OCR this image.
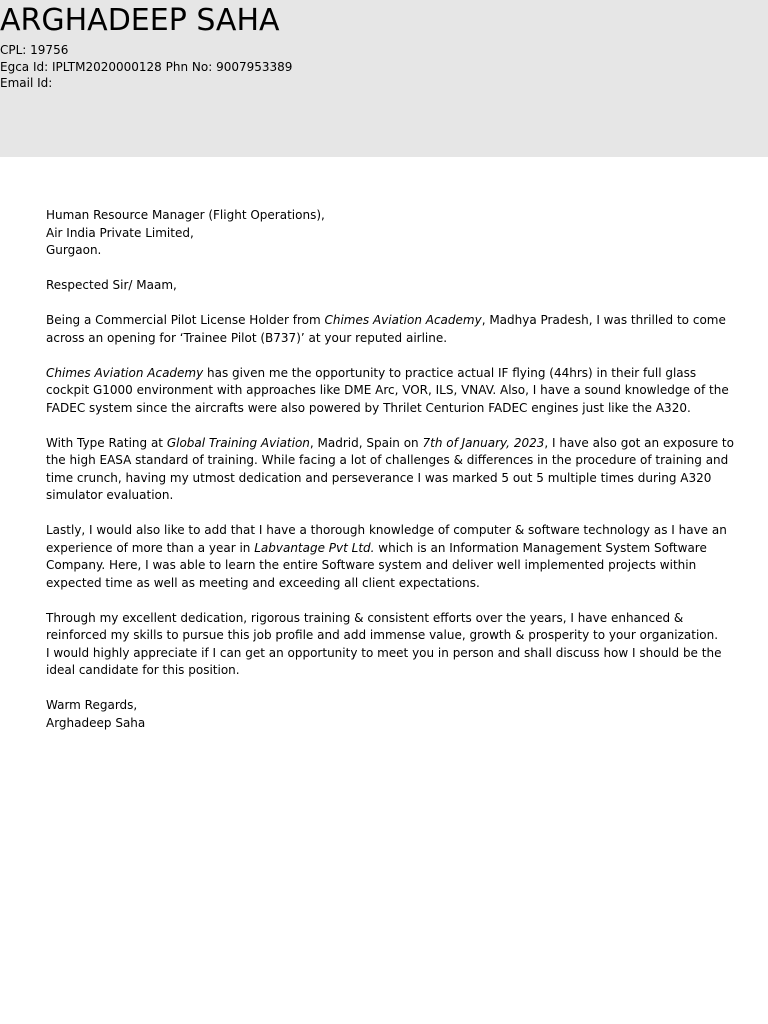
ARGHADEEP SAHA
CPL: 19756
Egca Id: IPLTM2020000128 Phn No: 9007953389
Email Id:

Human Resource Manager (Flight Operations),
Air India Private Limited,
Gurgaon.

Respected Sir/ Maam,

Being a Commercial Pilot License Holder from Chimes Aviation Academy, Madhya Pradesh, I was thrilled to come across an opening for ‘Trainee Pilot (B737)’ at your reputed airline.

Chimes Aviation Academy has given me the opportunity to practice actual IF flying (44hrs) in their full glass cockpit G1000 environment with approaches like DME Arc, VOR, ILS, VNAV. Also, I have a sound knowledge of the FADEC system since the aircrafts were also powered by Thrilet Centurion FADEC engines just like the A320.

With Type Rating at Global Training Aviation, Madrid, Spain on 7th of January, 2023, I have also got an exposure to the high EASA standard of training. While facing a lot of challenges & differences in the procedure of training and time crunch, having my utmost dedication and perseverance I was marked 5 out 5 multiple times during A320 simulator evaluation.

Lastly, I would also like to add that I have a thorough knowledge of computer & software technology as I have an experience of more than a year in Labvantage Pvt Ltd. which is an Information Management System Software Company. Here, I was able to learn the entire Software system and deliver well implemented projects within expected time as well as meeting and exceeding all client expectations.

Through my excellent dedication, rigorous training & consistent efforts over the years, I have enhanced & reinforced my skills to pursue this job profile and add immense value, growth & prosperity to your organization.

I would highly appreciate if I can get an opportunity to meet you in person and shall discuss how I should be the ideal candidate for this position.

Warm Regards,
Arghadeep Saha
